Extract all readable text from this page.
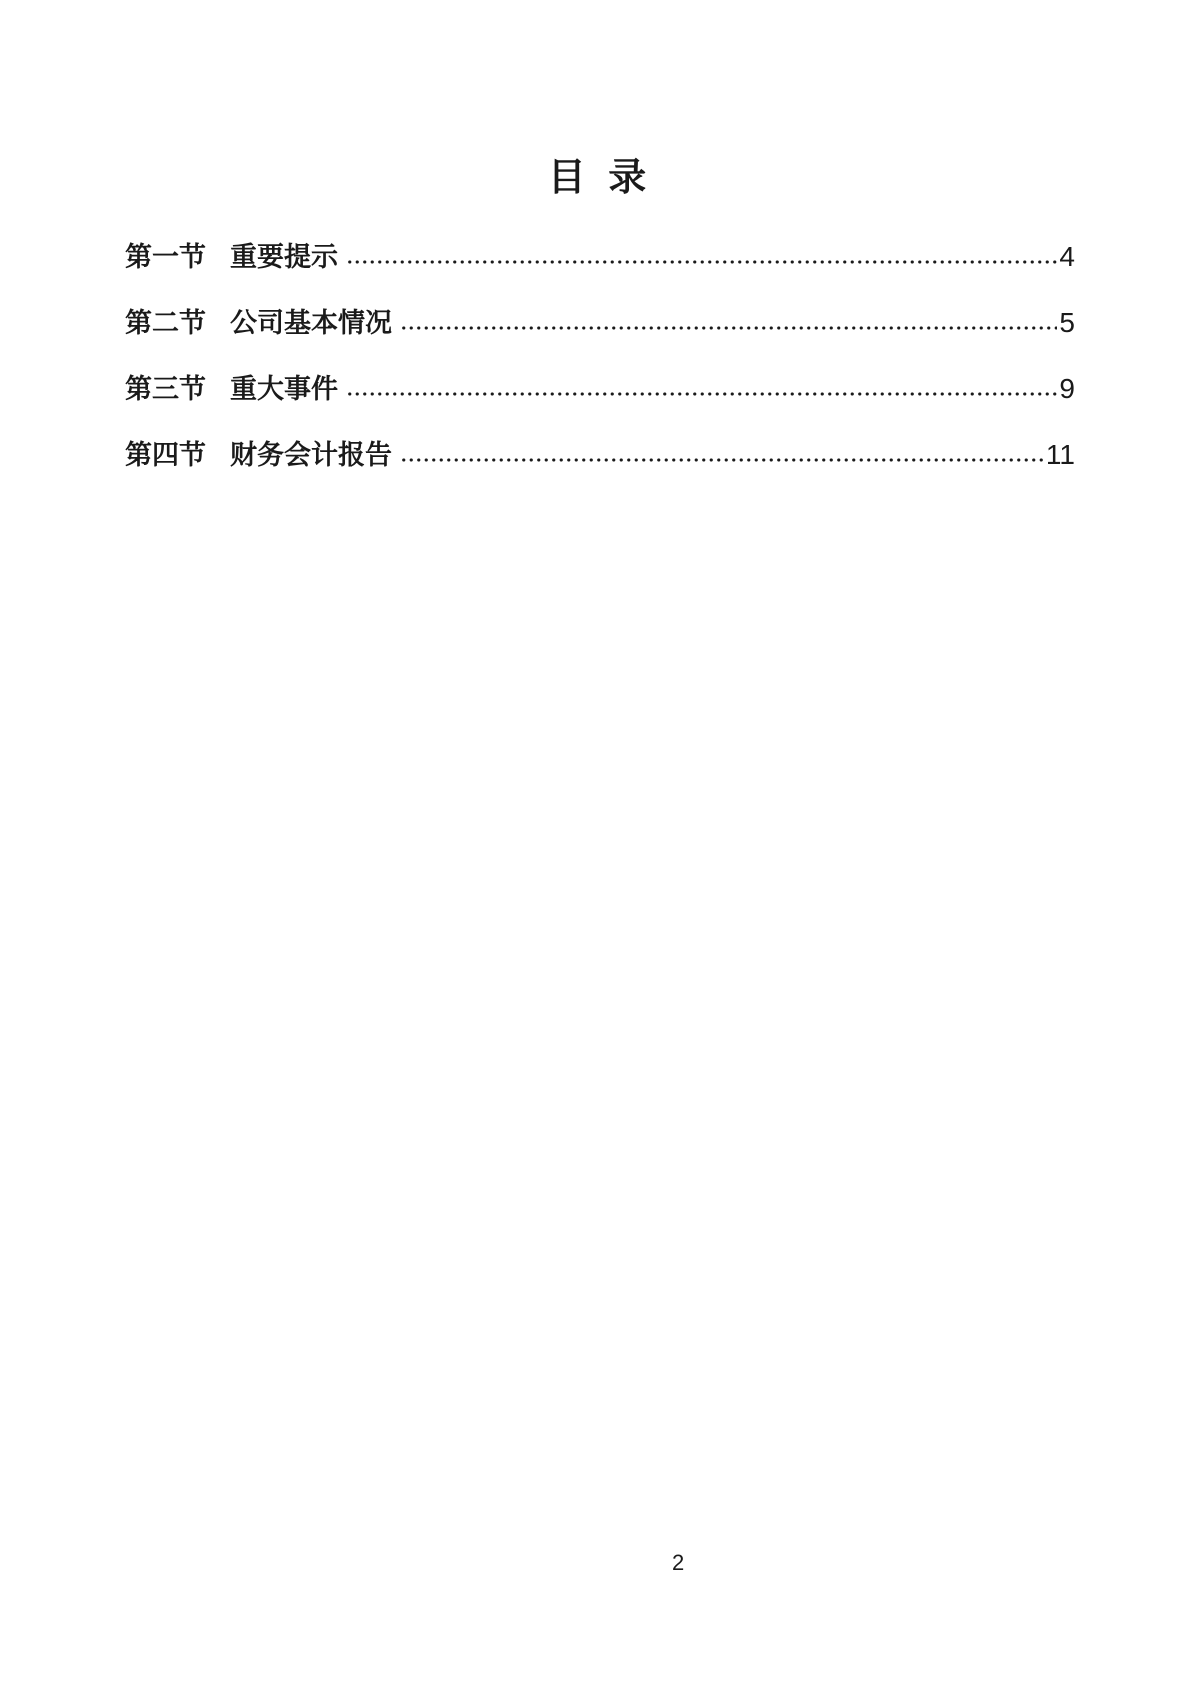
目 录
第一节 重要提示	4
第二节 公司基本情况	5
第三节 重大事件	9
第四节 财务会计报告	11
2
